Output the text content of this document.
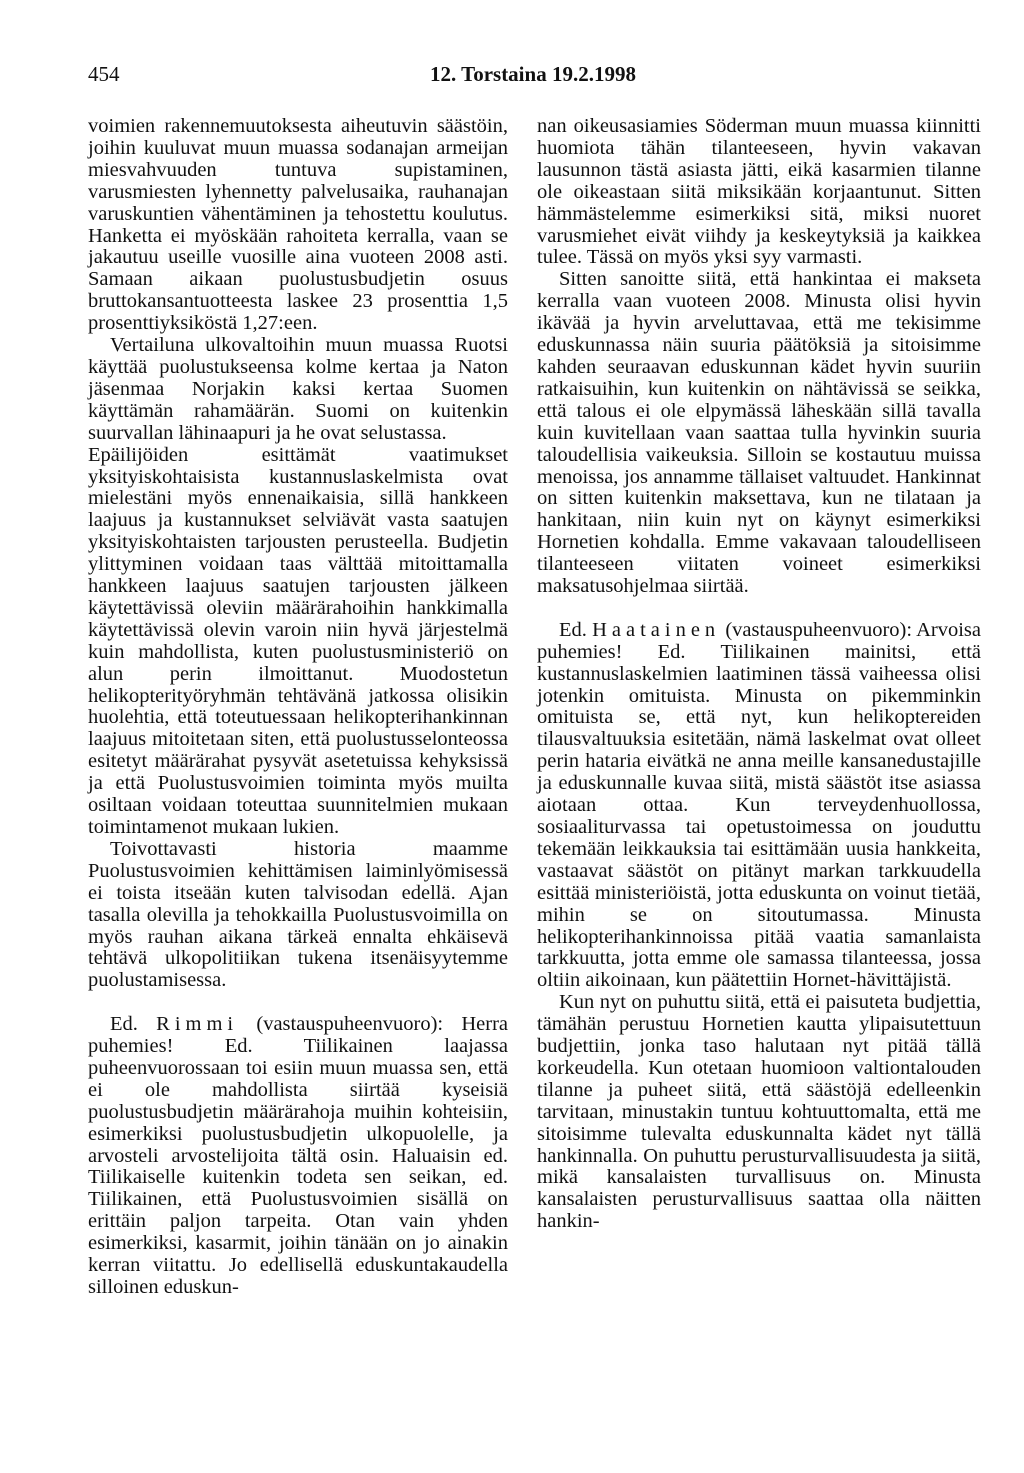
454	12. Torstaina 19.2.1998

voimien rakennemuutoksesta aiheutuvin säästöin, joihin kuuluvat muun muassa sodanajan armeijan miesvahvuuden tuntuva supistaminen, varusmiesten lyhennetty palvelusaika, rauhanajan varuskuntien vähentäminen ja tehostettu koulutus. Hanketta ei myöskään rahoiteta kerralla, vaan se jakautuu useille vuosille aina vuoteen 2008 asti. Samaan aikaan puolustusbudjetin osuus bruttokansantuotteesta laskee 23 prosenttia 1,5 prosenttiyksiköstä 1,27:een.

Vertailuna ulkovaltoihin muun muassa Ruotsi käyttää puolustukseensa kolme kertaa ja Naton jäsenmaa Norjakin kaksi kertaa Suomen käyttämän rahamäärän. Suomi on kuitenkin suurvallan lähinaapuri ja he ovat selustassa.

Epäilijöiden esittämät vaatimukset yksityiskohtaisista kustannuslaskelmista ovat mielestäni myös ennenaikaisia, sillä hankkeen laajuus ja kustannukset selviävät vasta saatujen yksityiskohtaisten tarjousten perusteella. Budjetin ylittyminen voidaan taas välttää mitoittamalla hankkeen laajuus saatujen tarjousten jälkeen käytettävissä oleviin määrärahoihin hankkimalla käytettävissä olevin varoin niin hyvä järjestelmä kuin mahdollista, kuten puolustusministeriö on alun perin ilmoittanut. Muodostetun helikopterityöryhmän tehtävänä jatkossa olisikin huolehtia, että toteutuessaan helikopterihankinnan laajuus mitoitetaan siten, että puolustusselonteossa esitetyt määrärahat pysyvät asetetuissa kehyksissä ja että Puolustusvoimien toiminta myös muilta osiltaan voidaan toteuttaa suunnitelmien mukaan toimintamenot mukaan lukien.

Toivottavasti historia maamme Puolustusvoimien kehittämisen laiminlyömisessä ei toista itseään kuten talvisodan edellä. Ajan tasalla olevilla ja tehokkailla Puolustusvoimilla on myös rauhan aikana tärkeä ennalta ehkäisevä tehtävä ulkopolitiikan tukena itsenäisyytemme puolustamisessa.

Ed. Rimmi (vastauspuheenvuoro): Herra puhemies! Ed. Tiilikainen laajassa puheenvuorossaan toi esiin muun muassa sen, että ei ole mahdollista siirtää kyseisiä puolustusbudjetin määrärahoja muihin kohteisiin, esimerkiksi puolustusbudjetin ulkopuolelle, ja arvosteli arvostelijoita tältä osin. Haluaisin ed. Tiilikaiselle kuitenkin todeta sen seikan, ed. Tiilikainen, että Puolustusvoimien sisällä on erittäin paljon tarpeita. Otan vain yhden esimerkiksi, kasarmit, joihin tänään on jo ainakin kerran viitattu. Jo edellisellä eduskuntakaudella silloinen eduskun-

nan oikeusasiamies Söderman muun muassa kiinnitti huomiota tähän tilanteeseen, hyvin vakavan lausunnon tästä asiasta jätti, eikä kasarmien tilanne ole oikeastaan siitä miksikään korjaantunut. Sitten hämmästelemme esimerkiksi sitä, miksi nuoret varusmiehet eivät viihdy ja keskeytyksiä ja kaikkea tulee. Tässä on myös yksi syy varmasti.

Sitten sanoitte siitä, että hankintaa ei makseta kerralla vaan vuoteen 2008. Minusta olisi hyvin ikävää ja hyvin arveluttavaa, että me tekisimme eduskunnassa näin suuria päätöksiä ja sitoisimme kahden seuraavan eduskunnan kädet hyvin suuriin ratkaisuihin, kun kuitenkin on nähtävissä se seikka, että talous ei ole elpymässä läheskään sillä tavalla kuin kuvitellaan vaan saattaa tulla hyvinkin suuria taloudellisia vaikeuksia. Silloin se kostautuu muissa menoissa, jos annamme tällaiset valtuudet. Hankinnat on sitten kuitenkin maksettava, kun ne tilataan ja hankitaan, niin kuin nyt on käynyt esimerkiksi Hornetien kohdalla. Emme vakavaan taloudelliseen tilanteeseen viitaten voineet esimerkiksi maksatusohjelmaa siirtää.

Ed. Haatainen (vastauspuheenvuoro): Arvoisa puhemies! Ed. Tiilikainen mainitsi, että kustannuslaskelmien laatiminen tässä vaiheessa olisi jotenkin omituista. Minusta on pikemminkin omituista se, että nyt, kun helikoptereiden tilausvaltuuksia esitetään, nämä laskelmat ovat olleet perin hataria eivätkä ne anna meille kansanedustajille ja eduskunnalle kuvaa siitä, mistä säästöt itse asiassa aiotaan ottaa. Kun terveydenhuollossa, sosiaaliturvassa tai opetustoimessa on jouduttu tekemään leikkauksia tai esittämään uusia hankkeita, vastaavat säästöt on pitänyt markan tarkkuudella esittää ministeriöistä, jotta eduskunta on voinut tietää, mihin se on sitoutumassa. Minusta helikopterihankinnoissa pitää vaatia samanlaista tarkkuutta, jotta emme ole samassa tilanteessa, jossa oltiin aikoinaan, kun päätettiin Hornet-hävittäjistä.

Kun nyt on puhuttu siitä, että ei paisuteta budjettia, tämähän perustuu Hornetien kautta ylipaisutettuun budjettiin, jonka taso halutaan nyt pitää tällä korkeudella. Kun otetaan huomioon valtiontalouden tilanne ja puheet siitä, että säästöjä edelleenkin tarvitaan, minustakin tuntuu kohtuuttomalta, että me sitoisimme tulevalta eduskunnalta kädet nyt tällä hankinnalla. On puhuttu perusturvallisuudesta ja siitä, mikä kansalaisten turvallisuus on. Minusta kansalaisten perusturvallisuus saattaa olla näitten hankin-
